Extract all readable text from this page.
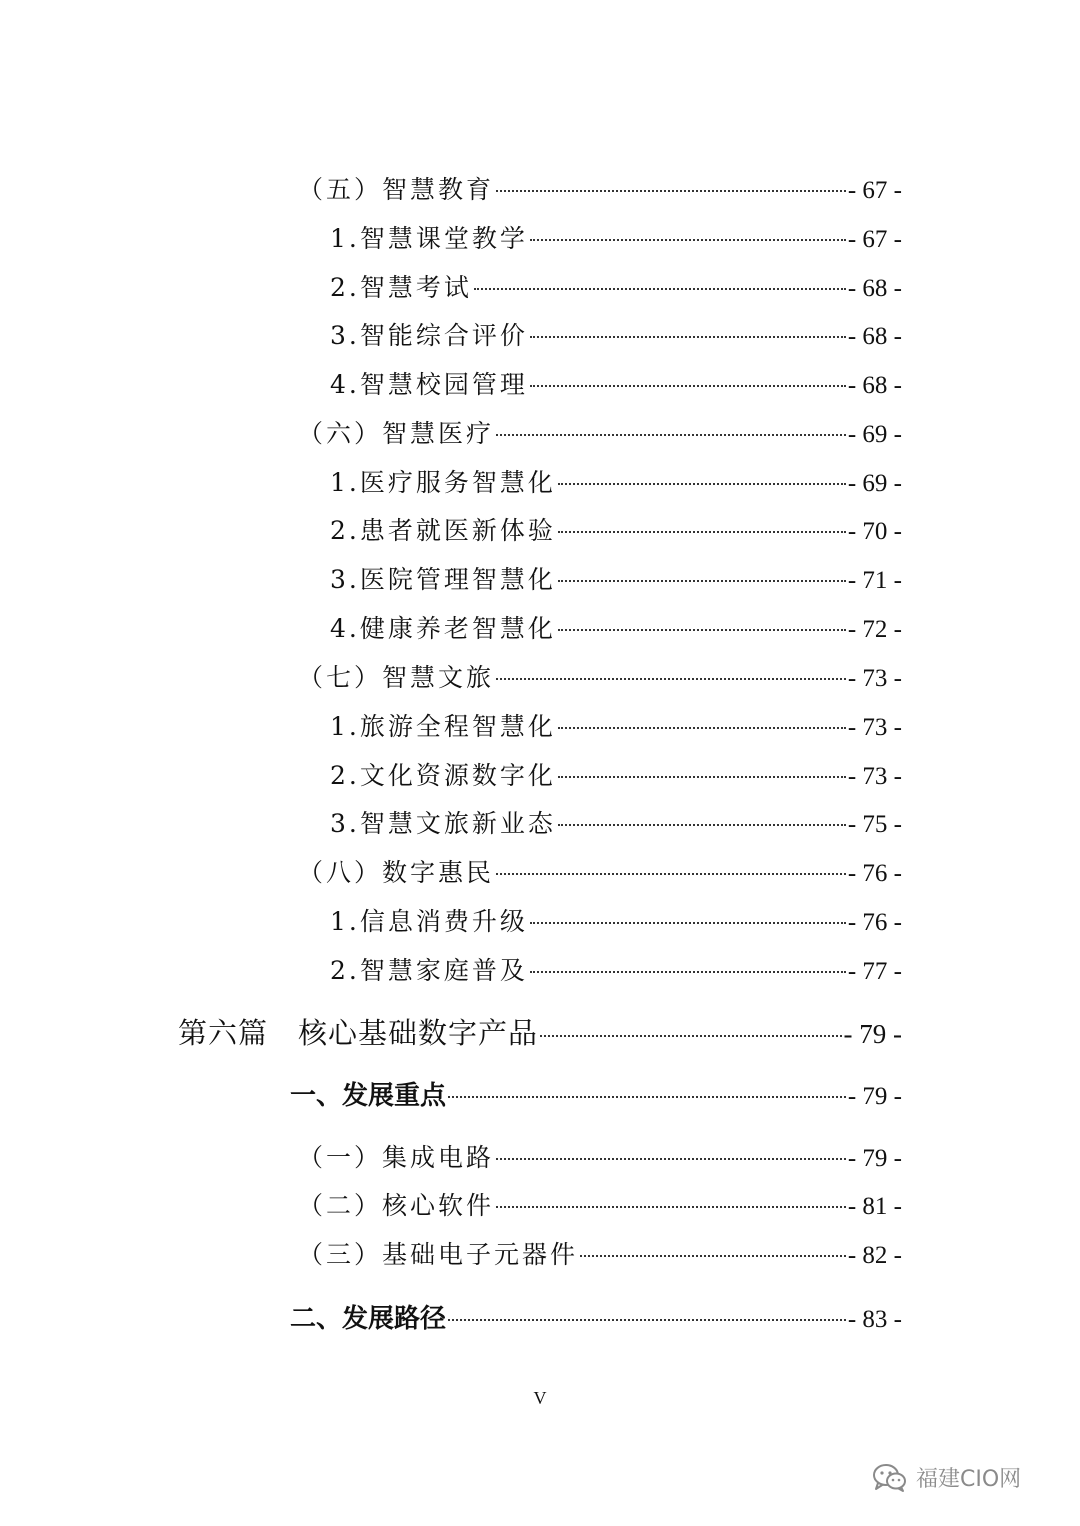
（五）智慧教育	- 67 -
1.智慧课堂教学	- 67 -
2.智慧考试	- 68 -
3.智能综合评价	- 68 -
4.智慧校园管理	- 68 -
（六）智慧医疗	- 69 -
1.医疗服务智慧化	- 69 -
2.患者就医新体验	- 70 -
3.医院管理智慧化	- 71 -
4.健康养老智慧化	- 72 -
（七）智慧文旅	- 73 -
1.旅游全程智慧化	- 73 -
2.文化资源数字化	- 73 -
3.智慧文旅新业态	- 75 -
（八）数字惠民	- 76 -
1.信息消费升级	- 76 -
2.智慧家庭普及	- 77 -
第六篇　核心基础数字产品	- 79 -
一、发展重点	- 79 -
（一）集成电路	- 79 -
（二）核心软件	- 81 -
（三）基础电子元器件	- 82 -
二、发展路径	- 83 -
V
福建CIO网
